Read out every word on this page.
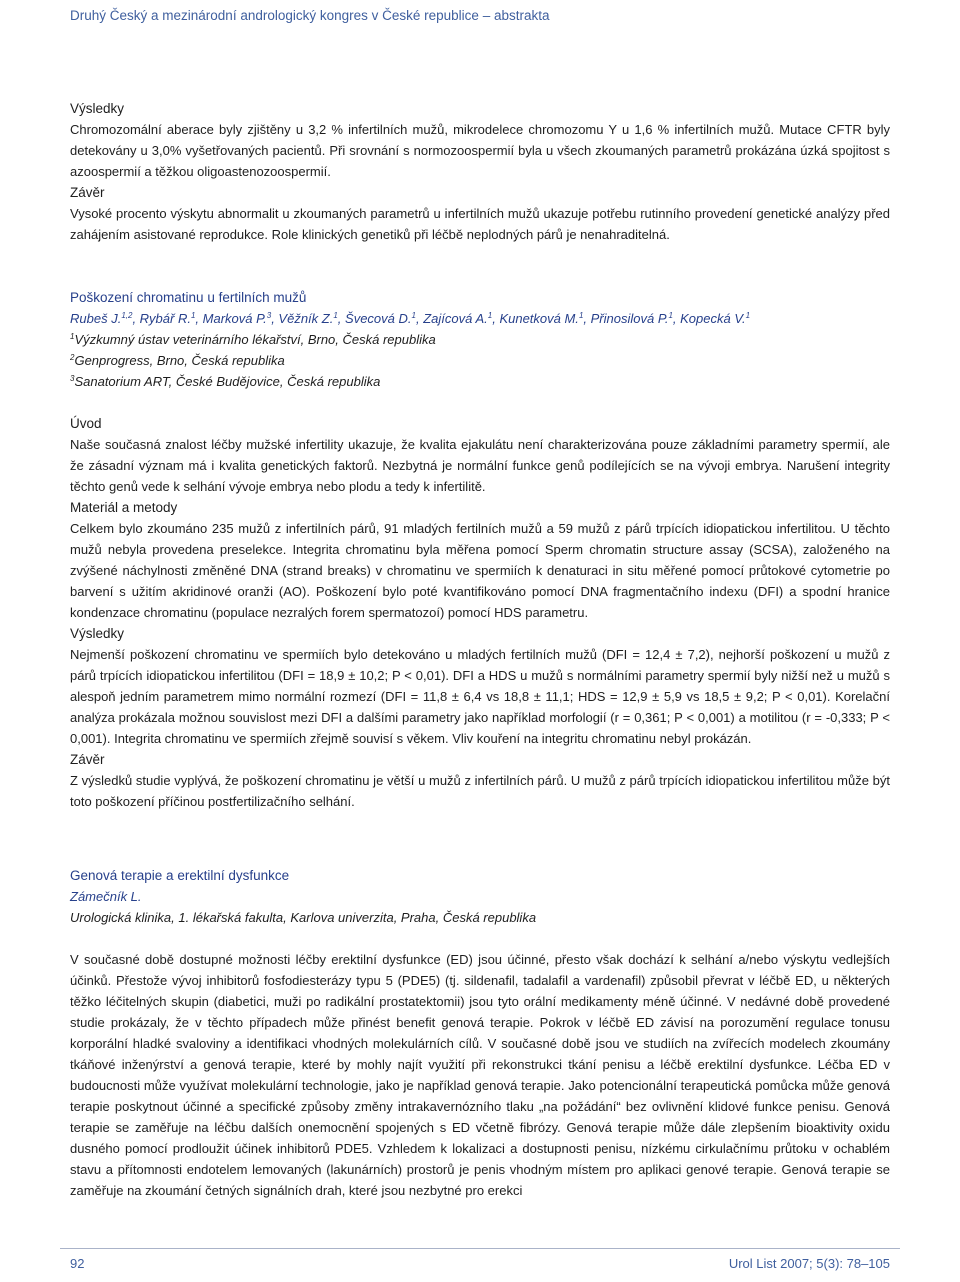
Druhý Český a mezinárodní andrologický kongres v České republice – abstrakta
Výsledky

Chromozomální aberace byly zjištěny u 3,2 % infertilních mužů, mikrodelece chromozomu Y u 1,6 % infertilních mužů. Mutace CFTR byly detekovány u 3,0% vyšetřovaných pacientů. Při srovnání s normozoospermií byla u všech zkoumaných parametrů prokázána úzká spojitost s azoospermií a těžkou oligoastenozoospermií.

Závěr

Vysoké procento výskytu abnormalit u zkoumaných parametrů u infertilních mužů ukazuje potřebu rutinního provedení genetické analýzy před zahájením asistované reprodukce. Role klinických genetiků při léčbě neplodných párů je nenahraditelná.

Poškození chromatinu u fertilních mužů
Rubeš J.$^{1,2}$, Rybář R.$^1$, Marková P.$^3$, Věžník Z.$^1$, Švecová D.$^1$, Zajícová A.$^1$, Kunetková M.$^1$, Přinosilová P.$^1$, Kopecká V.$^1$
$^1$Výzkumný ústav veterinárního lékařství, Brno, Česká republika
$^2$Genprogress, Brno, Česká republika
$^3$Sanatorium ART, České Budějovice, Česká republika
Úvod

Naše současná znalost léčby mužské infertility ukazuje, že kvalita ejakulátu není charakterizována pouze základními parametry spermií, ale že zásadní význam má i kvalita genetických faktorů. Nezbytná je normální funkce genů podílejících se na vývoji embrya. Narušení integrity těchto genů vede k selhání vývoje embrya nebo plodu a tedy k infertilitě.

Materiál a metody

Celkem bylo zkoumáno 235 mužů z infertilních párů, 91 mladých fertilních mužů a 59 mužů z párů trpících idiopatickou infertilitou. U těchto mužů nebyla provedena preselekce. Integrita chromatinu byla měřena pomocí Sperm chromatin structure assay (SCSA), založeného na zvýšené náchylnosti změněné DNA (strand breaks) v chromatinu ve spermiích k denaturaci in situ měřené pomocí průtokové cytometrie po barvení s užitím akridinové oranži (AO). Poškození bylo poté kvantifikováno pomocí DNA fragmentačního indexu (DFI) a spodní hranice kondenzace chromatinu (populace nezralých forem spermatozoí) pomocí HDS parametru.

Výsledky

Nejmenší poškození chromatinu ve spermiích bylo detekováno u mladých fertilních mužů (DFI = 12,4 ± 7,2), nejhorší poškození u mužů z párů trpících idiopatickou infertilitou (DFI = 18,9 ± 10,2; P < 0,01). DFI a HDS u mužů s normálními parametry spermií byly nižší než u mužů s alespoň jedním parametrem mimo normální rozmezí (DFI = 11,8 ± 6,4 vs 18,8 ± 11,1; HDS = 12,9 ± 5,9 vs 18,5 ± 9,2; P < 0,01). Korelační analýza prokázala možnou souvislost mezi DFI a dalšími parametry jako například morfologií (r = 0,361; P < 0,001) a motilitou (r = -0,333; P < 0,001). Integrita chromatinu ve spermiích zřejmě souvisí s věkem. Vliv kouření na integritu chromatinu nebyl prokázán.

Závěr

Z výsledků studie vyplývá, že poškození chromatinu je větší u mužů z infertilních párů. U mužů z párů trpících idiopatickou infertilitou může být toto poškození příčinou postfertilizačního selhání.

Genová terapie a erektilní dysfunkce
Zámečník L.
Urologická klinika, 1. lékařská fakulta, Karlova univerzita, Praha, Česká republika

V současné době dostupné možnosti léčby erektilní dysfunkce (ED) jsou účinné, přesto však dochází k selhání a/nebo výskytu vedlejších účinků. Přestože vývoj inhibitorů fosfodiesterázy typu 5 (PDE5) (tj. sildenafil, tadalafil a vardenafil) způsobil převrat v léčbě ED, u některých těžko léčitelných skupin (diabetici, muži po radikální prostatektomii) jsou tyto orální medikamenty méně účinné. V nedávné době provedené studie prokázaly, že v těchto případech může přinést benefit genová terapie. Pokrok v léčbě ED závisí na porozumění regulace tonusu korporální hladké svaloviny a identifikaci vhodných molekulárních cílů. V současné době jsou ve studiích na zvířecích modelech zkoumány tkáňové inženýrství a genová terapie, které by mohly najít využití při rekonstrukci tkání penisu a léčbě erektilní dysfunkce. Léčba ED v budoucnosti může využívat molekulární technologie, jako je například genová terapie. Jako potencionální terapeutická pomůcka může genová terapie poskytnout účinné a specifické způsoby změny intrakavernózního tlaku „na požádání“ bez ovlivnění klidové funkce penisu. Genová terapie se zaměřuje na léčbu dalších onemocnění spojených s ED včetně fibrózy. Genová terapie může dále zlepšením bioaktivity oxidu dusného pomocí prodloužit účinek inhibitorů PDE5. Vzhledem k lokalizaci a dostupnosti penisu, nízkému cirkulačnímu průtoku v ochablém stavu a přítomnosti endotelem lemovaných (lakunárních) prostorů je penis vhodným místem pro aplikaci genové terapie. Genová terapie se zaměřuje na zkoumání četných signálních drah, které jsou nezbytné pro erekci

92	Urol List 2007; 5(3): 78–105
